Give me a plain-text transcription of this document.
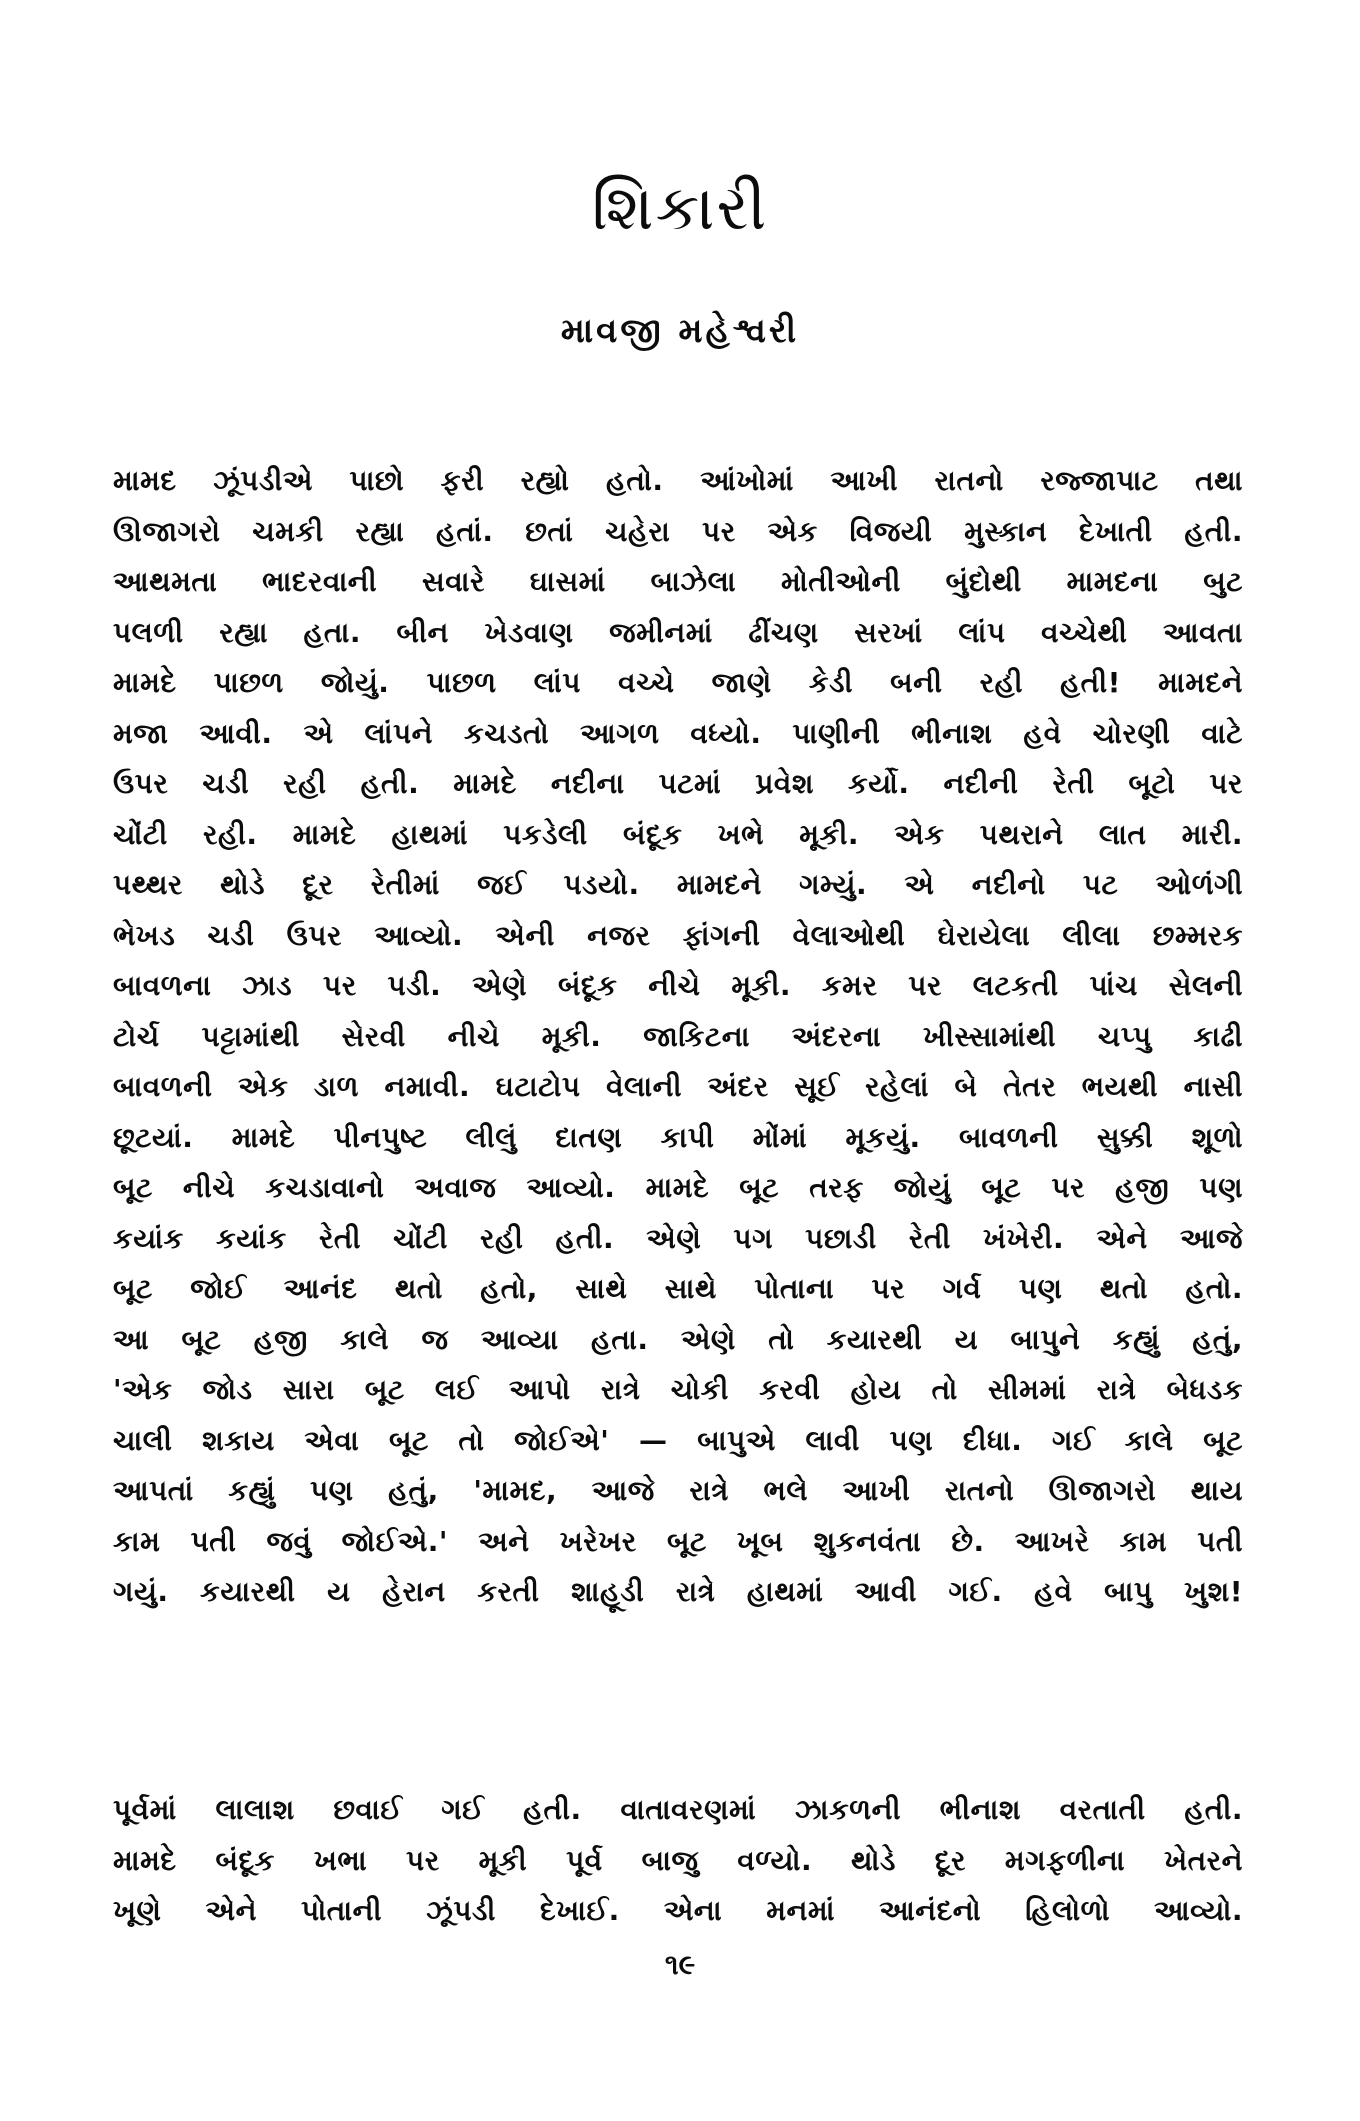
શિકારી
માવજી મહેશ્વરી
મામદ ઝૂંપડીએ પાછો ફરી રહ્યો હતો. આંખોમાં આખી રાતનો રજ્જાપાટ તથા
ઊજાગરો ચમકી રહ્યા હતાં. છતાં ચહેરા પર એક વિજયી મુસ્કાન દેખાતી હતી.
આથમતા ભાદરવાની સવારે ઘાસમાં બાઝેલા મોતીઓની બુંદોથી મામદના બુટ
પલળી રહ્યા હતા. બીન ખેડવાણ જમીનમાં ઢીંચણ સરખાં લાંપ વચ્ચેથી આવતા
મામદે પાછળ જોયું. પાછળ લાંપ વચ્ચે જાણે કેડી બની રહી હતી! મામદને
મજા આવી. એ લાંપને કચડતો આગળ વધ્યો. પાણીની ભીનાશ હવે ચોરણી વાટે
ઉપર ચડી રહી હતી. મામદે નદીના પટમાં પ્રવેશ કર્યો. નદીની રેતી બૂટો પર
ચોંટી રહી. મામદે હાથમાં પકડેલી બંદૂક ખભે મૂકી. એક પથરાને લાત મારી.
પથ્થર થોડે દૂર રેતીમાં જઈ પડયો. મામદને ગમ્યું. એ નદીનો પટ ઓળંગી
ભેખડ ચડી ઉપર આવ્યો. એની નજર ફાંગની વેલાઓથી ઘેરાયેલા લીલા છમ્મરક
બાવળના ઝાડ પર પડી. એણે બંદૂક નીચે મૂકી. કમર પર લટકતી પાંચ સેલની
ટોર્ચ પટ્ટામાંથી સેરવી નીચે મૂકી. જાકિટના અંદરના ખીસ્સામાંથી ચપ્પુ કાઢી
બાવળની એક ડાળ નમાવી. ઘટાટોપ વેલાની અંદર સૂઈ રહેલાં બે તેતર ભયથી નાસી
છૂટયાં. મામદે પીનપુષ્ટ લીલું દાતણ કાપી મોંમાં મૂકયું. બાવળની સુક્કી શૂળો
બૂટ નીચે કચડાવાનો અવાજ આવ્યો. મામદે બૂટ તરફ જોયું બૂટ પર હજી પણ
કયાંક કયાંક રેતી ચોંટી રહી હતી. એણે પગ પછાડી રેતી ખંખેરી. એને આજે
બૂટ જોઈ આનંદ થતો હતો, સાથે સાથે પોતાના પર ગર્વ પણ થતો હતો.
આ બૂટ હજી કાલે જ આવ્યા હતા. એણે તો કયારથી ય બાપુને કહ્યું હતું,
'એક જોડ સારા બૂટ લઈ આપો રાત્રે ચોકી કરવી હોય તો સીમમાં રાત્રે બેધડક
ચાલી શકાય એવા બૂટ તો જોઈએ' — બાપુએ લાવી પણ દીધા. ગઈ કાલે બૂટ
આપતાં કહ્યું પણ હતું, 'મામદ, આજે રાત્રે ભલે આખી રાતનો ઊજાગરો થાય
કામ પતી જવું જોઈએ.' અને ખરેખર બૂટ ખૂબ શુકનવંતા છે. આખરે કામ પતી
ગયું. કયારથી ય હેરાન કરતી શાહૂડી રાત્રે હાથમાં આવી ગઈ. હવે બાપુ ખુશ!
પૂર્વમાં લાલાશ છવાઈ ગઈ હતી. વાતાવરણમાં ઝાકળની ભીનાશ વરતાતી હતી.
મામદે બંદૂક ખભા પર મૂકી પૂર્વ બાજુ વળ્યો. થોડે દૂર મગફળીના ખેતરને
ખૂણે એને પોતાની ઝૂંપડી દેખાઈ. એના મનમાં આનંદનો હિલોળો આવ્યો.
૧૯
